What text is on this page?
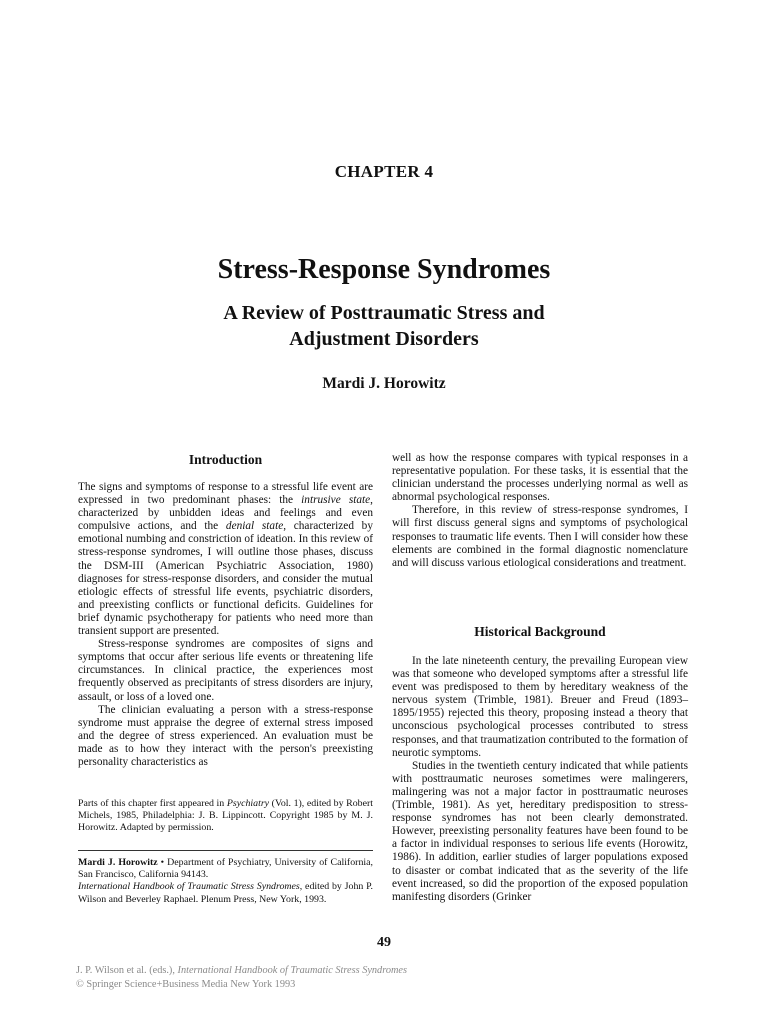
CHAPTER 4
Stress-Response Syndromes
A Review of Posttraumatic Stress and
Adjustment Disorders
Mardi J. Horowitz
Introduction

The signs and symptoms of response to a stressful life event are expressed in two predominant phases: the intrusive state, characterized by unbidden ideas and feelings and even compulsive actions, and the denial state, characterized by emotional numbing and constriction of ideation. In this review of stress-response syndromes, I will outline those phases, discuss the DSM-III (American Psychiatric Association, 1980) diagnoses for stress-response disorders, and consider the mutual etiologic effects of stressful life events, psychiatric disorders, and preexisting conflicts or functional deficits. Guidelines for brief dynamic psychotherapy for patients who need more than transient support are presented.

Stress-response syndromes are composites of signs and symptoms that occur after serious life events or threatening life circumstances. In clinical practice, the experiences most frequently observed as precipitants of stress disorders are injury, assault, or loss of a loved one.

The clinician evaluating a person with a stress-response syndrome must appraise the degree of external stress imposed and the degree of stress experienced. An evaluation must be made as to how they interact with the person's preexisting personality characteristics as

Parts of this chapter first appeared in Psychiatry (Vol. 1), edited by Robert Michels, 1985, Philadelphia: J. B. Lippincott. Copyright 1985 by M. J. Horowitz. Adapted by permission.

Mardi J. Horowitz • Department of Psychiatry, University of California, San Francisco, California 94143.

International Handbook of Traumatic Stress Syndromes, edited by John P. Wilson and Beverley Raphael. Plenum Press, New York, 1993.

well as how the response compares with typical responses in a representative population. For these tasks, it is essential that the clinician understand the processes underlying normal as well as abnormal psychological responses.

Therefore, in this review of stress-response syndromes, I will first discuss general signs and symptoms of psychological responses to traumatic life events. Then I will consider how these elements are combined in the formal diagnostic nomenclature and will discuss various etiological considerations and treatment.

Historical Background

In the late nineteenth century, the prevailing European view was that someone who developed symptoms after a stressful life event was predisposed to them by hereditary weakness of the nervous system (Trimble, 1981). Breuer and Freud (1893–1895/1955) rejected this theory, proposing instead a theory that unconscious psychological processes contributed to stress responses, and that traumatization contributed to the formation of neurotic symptoms.

Studies in the twentieth century indicated that while patients with posttraumatic neuroses sometimes were malingerers, malingering was not a major factor in posttraumatic neuroses (Trimble, 1981). As yet, hereditary predisposition to stress-response syndromes has not been clearly demonstrated. However, preexisting personality features have been found to be a factor in individual responses to serious life events (Horowitz, 1986). In addition, earlier studies of larger populations exposed to disaster or combat indicated that as the severity of the life event increased, so did the proportion of the exposed population manifesting disorders (Grinker

49
J. P. Wilson et al. (eds.), International Handbook of Traumatic Stress Syndromes
© Springer Science+Business Media New York 1993
